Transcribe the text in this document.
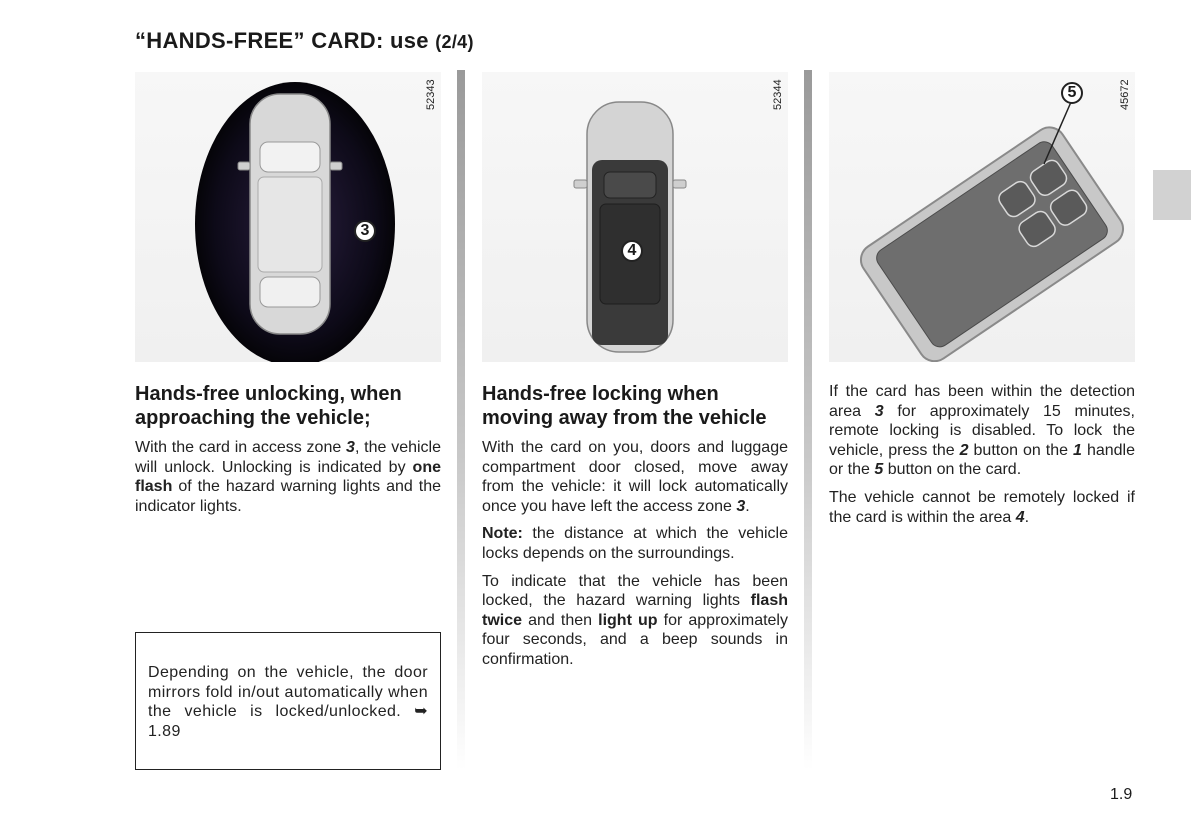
“HANDS-FREE” CARD: use (2/4)
52343
3
52344
4
45672
5
Hands-free unlocking, when approaching the vehicle;

With the card in access zone 3, the vehicle will unlock. Unlocking is indicated by one flash of the hazard warning lights and the indicator lights.

Depending on the vehicle, the door mirrors fold in/out automatically when the vehicle is locked/unlocked. ➥ 1.89

Hands-free locking when moving away from the vehicle

With the card on you, doors and luggage compartment door closed, move away from the vehicle: it will lock automatically once you have left the access zone 3.

Note: the distance at which the vehicle locks depends on the surroundings.

To indicate that the vehicle has been locked, the hazard warning lights flash twice and then light up for approximately four seconds, and a beep sounds in confirmation.

If the card has been within the detection area 3 for approximately 15 minutes, remote locking is disabled. To lock the vehicle, press the 2 button on the 1 handle or the 5 button on the card.

The vehicle cannot be remotely locked if the card is within the area 4.

1.9
